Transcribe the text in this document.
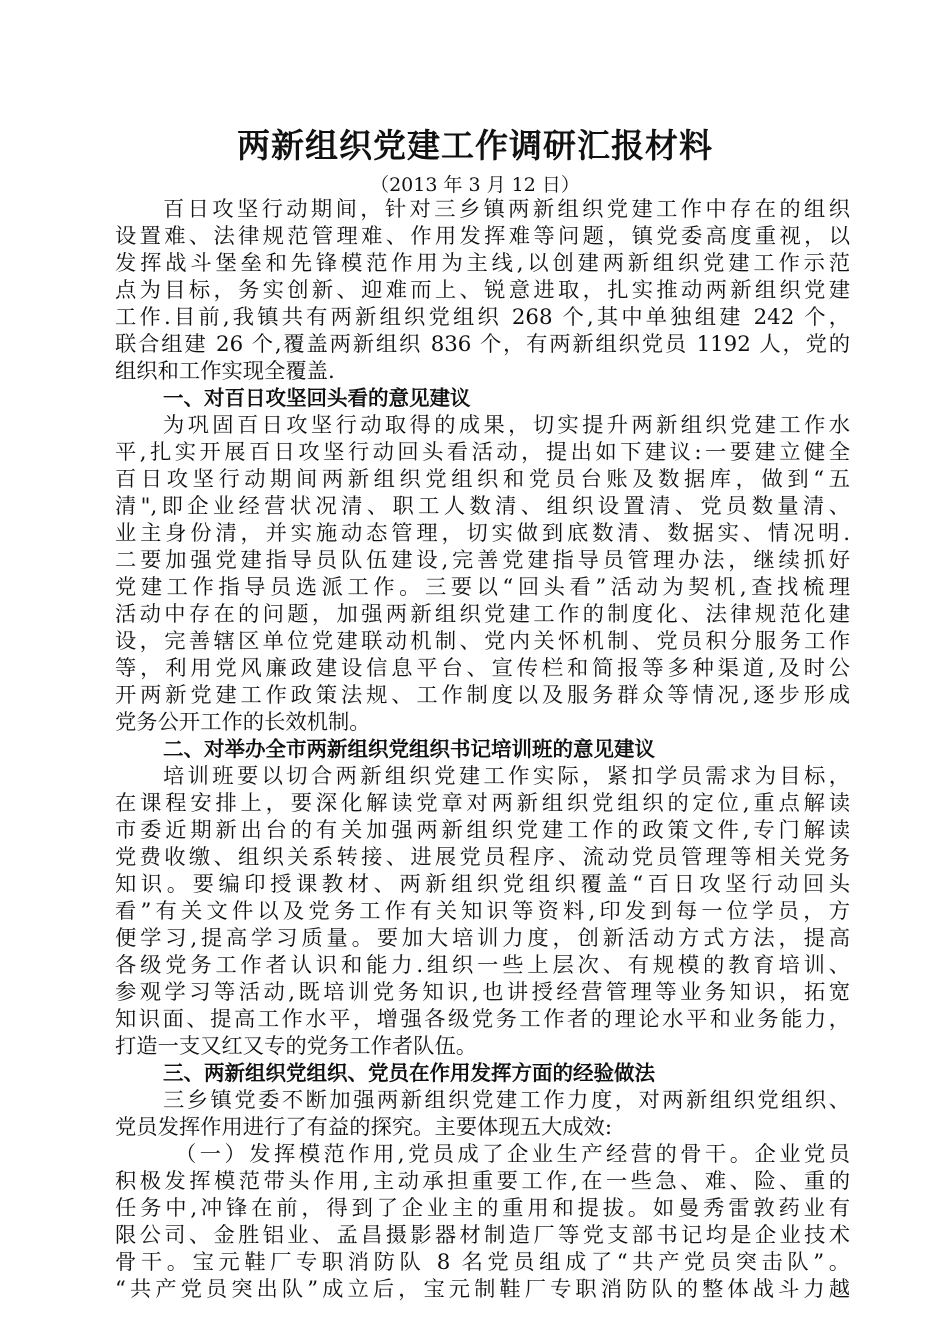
两新组织党建工作调研汇报材料
（2013 年 3 月 12 日）
百日攻坚行动期间，针对三乡镇两新组织党建工作中存在的组织
设置难、法律规范管理难、作用发挥难等问题，镇党委高度重视，以
发挥战斗堡垒和先锋模范作用为主线,以创建两新组织党建工作示范
点为目标，务实创新、迎难而上、锐意进取，扎实推动两新组织党建
工作.目前,我镇共有两新组织党组织 268 个,其中单独组建 242 个，
联合组建 26 个,覆盖两新组织 836 个，有两新组织党员 1192 人，党的
组织和工作实现全覆盖.
一、对百日攻坚回头看的意见建议
为巩固百日攻坚行动取得的成果，切实提升两新组织党建工作水
平,扎实开展百日攻坚行动回头看活动，提出如下建议:一要建立健全
百日攻坚行动期间两新组织党组织和党员台账及数据库，做到“五
清",即企业经营状况清、职工人数清、组织设置清、党员数量清、
业主身份清，并实施动态管理，切实做到底数清、数据实、情况明.
二要加强党建指导员队伍建设,完善党建指导员管理办法，继续抓好
党建工作指导员选派工作。三要以“回头看”活动为契机,查找梳理
活动中存在的问题，加强两新组织党建工作的制度化、法律规范化建
设，完善辖区单位党建联动机制、党内关怀机制、党员积分服务工作
等，利用党风廉政建设信息平台、宣传栏和简报等多种渠道,及时公
开两新党建工作政策法规、工作制度以及服务群众等情况,逐步形成
党务公开工作的长效机制。
二、对举办全市两新组织党组织书记培训班的意见建议
培训班要以切合两新组织党建工作实际，紧扣学员需求为目标，
在课程安排上，要深化解读党章对两新组织党组织的定位,重点解读
市委近期新出台的有关加强两新组织党建工作的政策文件,专门解读
党费收缴、组织关系转接、进展党员程序、流动党员管理等相关党务
知识。要编印授课教材、两新组织党组织覆盖“百日攻坚行动回头
看”有关文件以及党务工作有关知识等资料,印发到每一位学员，方
便学习,提高学习质量。要加大培训力度，创新活动方式方法，提高
各级党务工作者认识和能力.组织一些上层次、有规模的教育培训、
参观学习等活动,既培训党务知识,也讲授经营管理等业务知识，拓宽
知识面、提高工作水平，增强各级党务工作者的理论水平和业务能力，
打造一支又红又专的党务工作者队伍。
三、两新组织党组织、党员在作用发挥方面的经验做法
三乡镇党委不断加强两新组织党建工作力度，对两新组织党组织、
党员发挥作用进行了有益的探究。主要体现五大成效:
（一）发挥模范作用,党员成了企业生产经营的骨干。企业党员
积极发挥模范带头作用,主动承担重要工作,在一些急、难、险、重的
任务中,冲锋在前，得到了企业主的重用和提拔。如曼秀雷敦药业有
限公司、金胜铝业、孟昌摄影器材制造厂等党支部书记均是企业技术
骨干。宝元鞋厂专职消防队 8 名党员组成了“共产党员突击队”。
“共产党员突出队”成立后，宝元制鞋厂专职消防队的整体战斗力越
